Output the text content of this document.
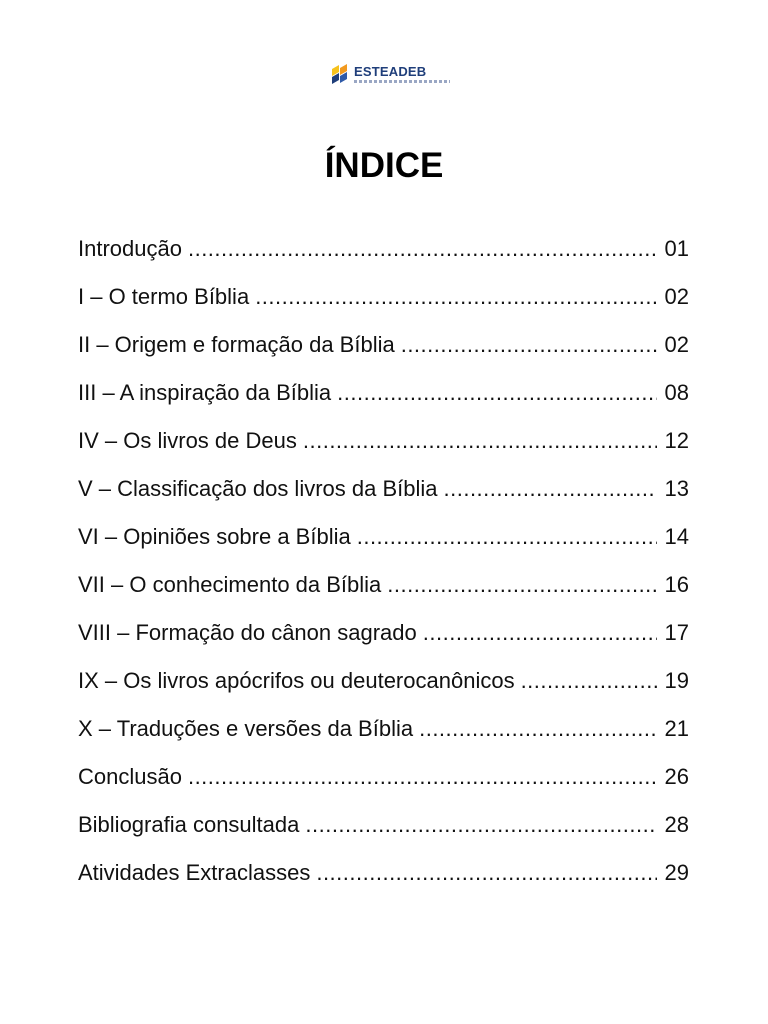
ESTEADEB
ÍNDICE
Introdução .....	01
I – O termo Bíblia .....	02
II – Origem e formação da Bíblia .....	02
III – A inspiração da Bíblia .....	08
IV – Os livros de Deus .....	12
V – Classificação dos livros da Bíblia .....	13
VI – Opiniões sobre a Bíblia .....	14
VII – O conhecimento da Bíblia .....	16
VIII – Formação do cânon sagrado .....	17
IX – Os livros apócrifos ou deuterocanônicos .....	19
X – Traduções e versões da Bíblia .....	21
Conclusão .....	26
Bibliografia consultada .....	28
Atividades Extraclasses .....	29
